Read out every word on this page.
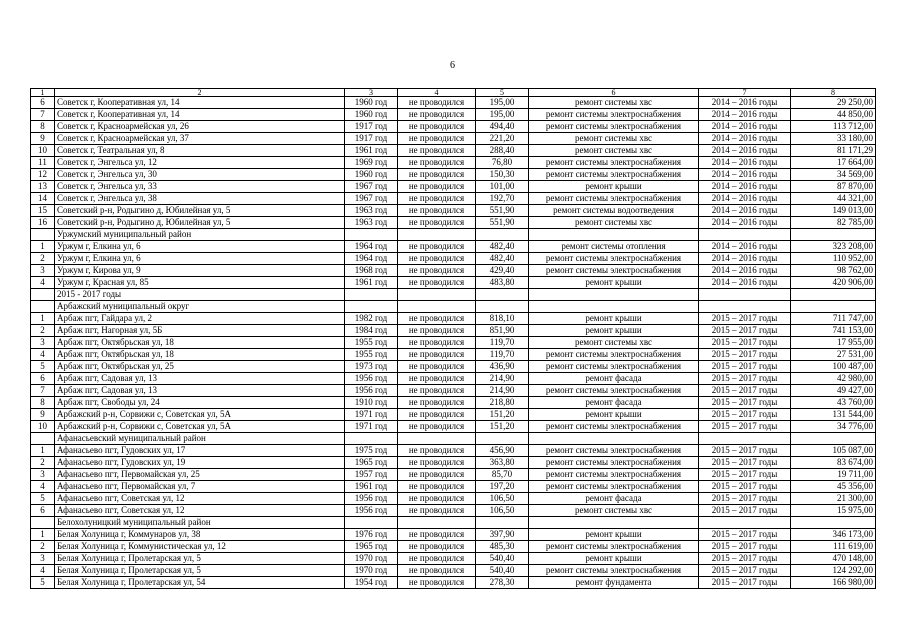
6
1	2	3	4	5	6	7	8
6	Советск г, Кооперативная ул, 14	1960 год	не проводился	195,00	ремонт системы хвс	2014 – 2016 годы	29 250,00
7	Советск г, Кооперативная ул, 14	1960 год	не проводился	195,00	ремонт системы электроснабжения	2014 – 2016 годы	44 850,00
8	Советск г, Красноармейская ул, 26	1917 год	не проводился	494,40	ремонт системы электроснабжения	2014 – 2016 годы	113 712,00
9	Советск г, Красноармейская ул, 37	1917 год	не проводился	221,20	ремонт системы хвс	2014 – 2016 годы	33 180,00
10	Советск г, Театральная ул, 8	1961 год	не проводился	288,40	ремонт системы хвс	2014 – 2016 годы	81 171,29
11	Советск г, Энгельса ул, 12	1969 год	не проводился	76,80	ремонт системы электроснабжения	2014 – 2016 годы	17 664,00
12	Советск г, Энгельса ул, 30	1960 год	не проводился	150,30	ремонт системы электроснабжения	2014 – 2016 годы	34 569,00
13	Советск г, Энгельса ул, 33	1967 год	не проводился	101,00	ремонт крыши	2014 – 2016 годы	87 870,00
14	Советск г, Энгельса ул, 38	1967 год	не проводился	192,70	ремонт системы электроснабжения	2014 – 2016 годы	44 321,00
15	Советский р-н, Родыгино д, Юбилейная ул, 5	1963 год	не проводился	551,90	ремонт системы водоотведения	2014 – 2016 годы	149 013,00
16	Советский р-н, Родыгино д, Юбилейная ул, 5	1963 год	не проводился	551,90	ремонт системы хвс	2014 – 2016 годы	82 785,00
	Уржумский муниципальный район						
1	Уржум г, Елкина ул, 6	1964 год	не проводился	482,40	ремонт системы отопления	2014 – 2016 годы	323 208,00
2	Уржум г, Елкина ул, 6	1964 год	не проводился	482,40	ремонт системы электроснабжения	2014 – 2016 годы	110 952,00
3	Уржум г, Кирова ул, 9	1968 год	не проводился	429,40	ремонт системы электроснабжения	2014 – 2016 годы	98 762,00
4	Уржум г, Красная ул, 85	1961 год	не проводился	483,80	ремонт крыши	2014 – 2016 годы	420 906,00
	2015 - 2017 годы						
	Арбажский муниципальный округ						
1	Арбаж пгт, Гайдара ул, 2	1982 год	не проводился	818,10	ремонт крыши	2015 – 2017 годы	711 747,00
2	Арбаж пгт, Нагорная ул, 5Б	1984 год	не проводился	851,90	ремонт крыши	2015 – 2017 годы	741 153,00
3	Арбаж пгт, Октябрьская ул, 18	1955 год	не проводился	119,70	ремонт системы хвс	2015 – 2017 годы	17 955,00
4	Арбаж пгт, Октябрьская ул, 18	1955 год	не проводился	119,70	ремонт системы электроснабжения	2015 – 2017 годы	27 531,00
5	Арбаж пгт, Октябрьская ул, 25	1973 год	не проводился	436,90	ремонт системы электроснабжения	2015 – 2017 годы	100 487,00
6	Арбаж пгт, Садовая ул, 13	1956 год	не проводился	214,90	ремонт фасада	2015 – 2017 годы	42 980,00
7	Арбаж пгт, Садовая ул, 13	1956 год	не проводился	214,90	ремонт системы электроснабжения	2015 – 2017 годы	49 427,00
8	Арбаж пгт, Свободы ул, 24	1910 год	не проводился	218,80	ремонт фасада	2015 – 2017 годы	43 760,00
9	Арбажский р-н, Сорвижи с, Советская ул, 5А	1971 год	не проводился	151,20	ремонт крыши	2015 – 2017 годы	131 544,00
10	Арбажский р-н, Сорвижи с, Советская ул, 5А	1971 год	не проводился	151,20	ремонт системы электроснабжения	2015 – 2017 годы	34 776,00
	Афанасьевский муниципальный район						
1	Афанасьево пгт, Гудовских ул, 17	1975 год	не проводился	456,90	ремонт системы электроснабжения	2015 – 2017 годы	105 087,00
2	Афанасьево пгт, Гудовских ул, 19	1965 год	не проводился	363,80	ремонт системы электроснабжения	2015 – 2017 годы	83 674,00
3	Афанасьево пгт, Первомайская ул, 25	1957 год	не проводился	85,70	ремонт системы электроснабжения	2015 – 2017 годы	19 711,00
4	Афанасьево пгт, Первомайская ул, 7	1961 год	не проводился	197,20	ремонт системы электроснабжения	2015 – 2017 годы	45 356,00
5	Афанасьево пгт, Советская ул, 12	1956 год	не проводился	106,50	ремонт фасада	2015 – 2017 годы	21 300,00
6	Афанасьево пгт, Советская ул, 12	1956 год	не проводился	106,50	ремонт системы хвс	2015 – 2017 годы	15 975,00
	Белохолуницкий муниципальный район						
1	Белая Холуница г, Коммунаров ул, 38	1976 год	не проводился	397,90	ремонт крыши	2015 – 2017 годы	346 173,00
2	Белая Холуница г, Коммунистическая ул, 12	1965 год	не проводился	485,30	ремонт системы электроснабжения	2015 – 2017 годы	111 619,00
3	Белая Холуница г, Пролетарская ул, 5	1970 год	не проводился	540,40	ремонт крыши	2015 – 2017 годы	470 148,00
4	Белая Холуница г, Пролетарская ул, 5	1970 год	не проводился	540,40	ремонт системы электроснабжения	2015 – 2017 годы	124 292,00
5	Белая Холуница г, Пролетарская ул, 54	1954 год	не проводился	278,30	ремонт фундамента	2015 – 2017 годы	166 980,00
